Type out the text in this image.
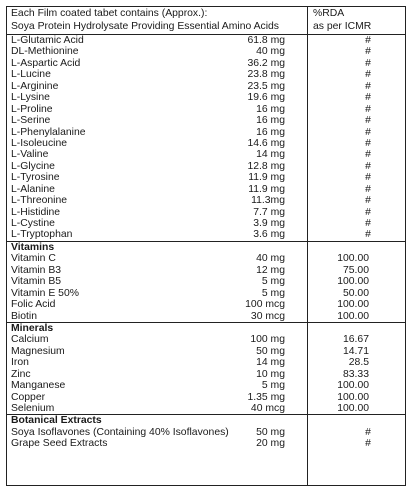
Each Film coated tabet contains (Approx.):
Soya Protein Hydrolysate Providing Essential Amino Acids
%RDA
as per ICMR
L-Glutamic Acid	61.8 mg	#
DL-Methionine	40 mg	#
L-Aspartic Acid	36.2 mg	#
L-Lucine	23.8 mg	#
L-Arginine	23.5 mg	#
L-Lysine	19.6 mg	#
L-Proline	16 mg	#
L-Serine	16 mg	#
L-Phenylalanine	16 mg	#
L-Isoleucine	14.6 mg	#
L-Valine	14 mg	#
L-Glycine	12.8 mg	#
L-Tyrosine	11.9 mg	#
L-Alanine	11.9 mg	#
L-Threonine	11.3mg	#
L-Histidine	7.7 mg	#
L-Cystine	3.9 mg	#
L-Tryptophan	3.6 mg	#
Vitamins
Vitamin C	40 mg	100.00
Vitamin B3	12 mg	75.00
Vitamin B5	5 mg	100.00
Vitamin E 50%	5 mg	50.00
Folic Acid	100 mcg	100.00
Biotin	30 mcg	100.00
Minerals
Calcium	100 mg	16.67
Magnesium	50 mg	14.71
Iron	14 mg	28.5
Zinc	10 mg	83.33
Manganese	5 mg	100.00
Copper	1.35 mg	100.00
Selenium	40 mcg	100.00
Botanical Extracts
Soya Isoflavones (Containing 40% Isoflavones)	50 mg	#
Grape Seed Extracts	20 mg	#
